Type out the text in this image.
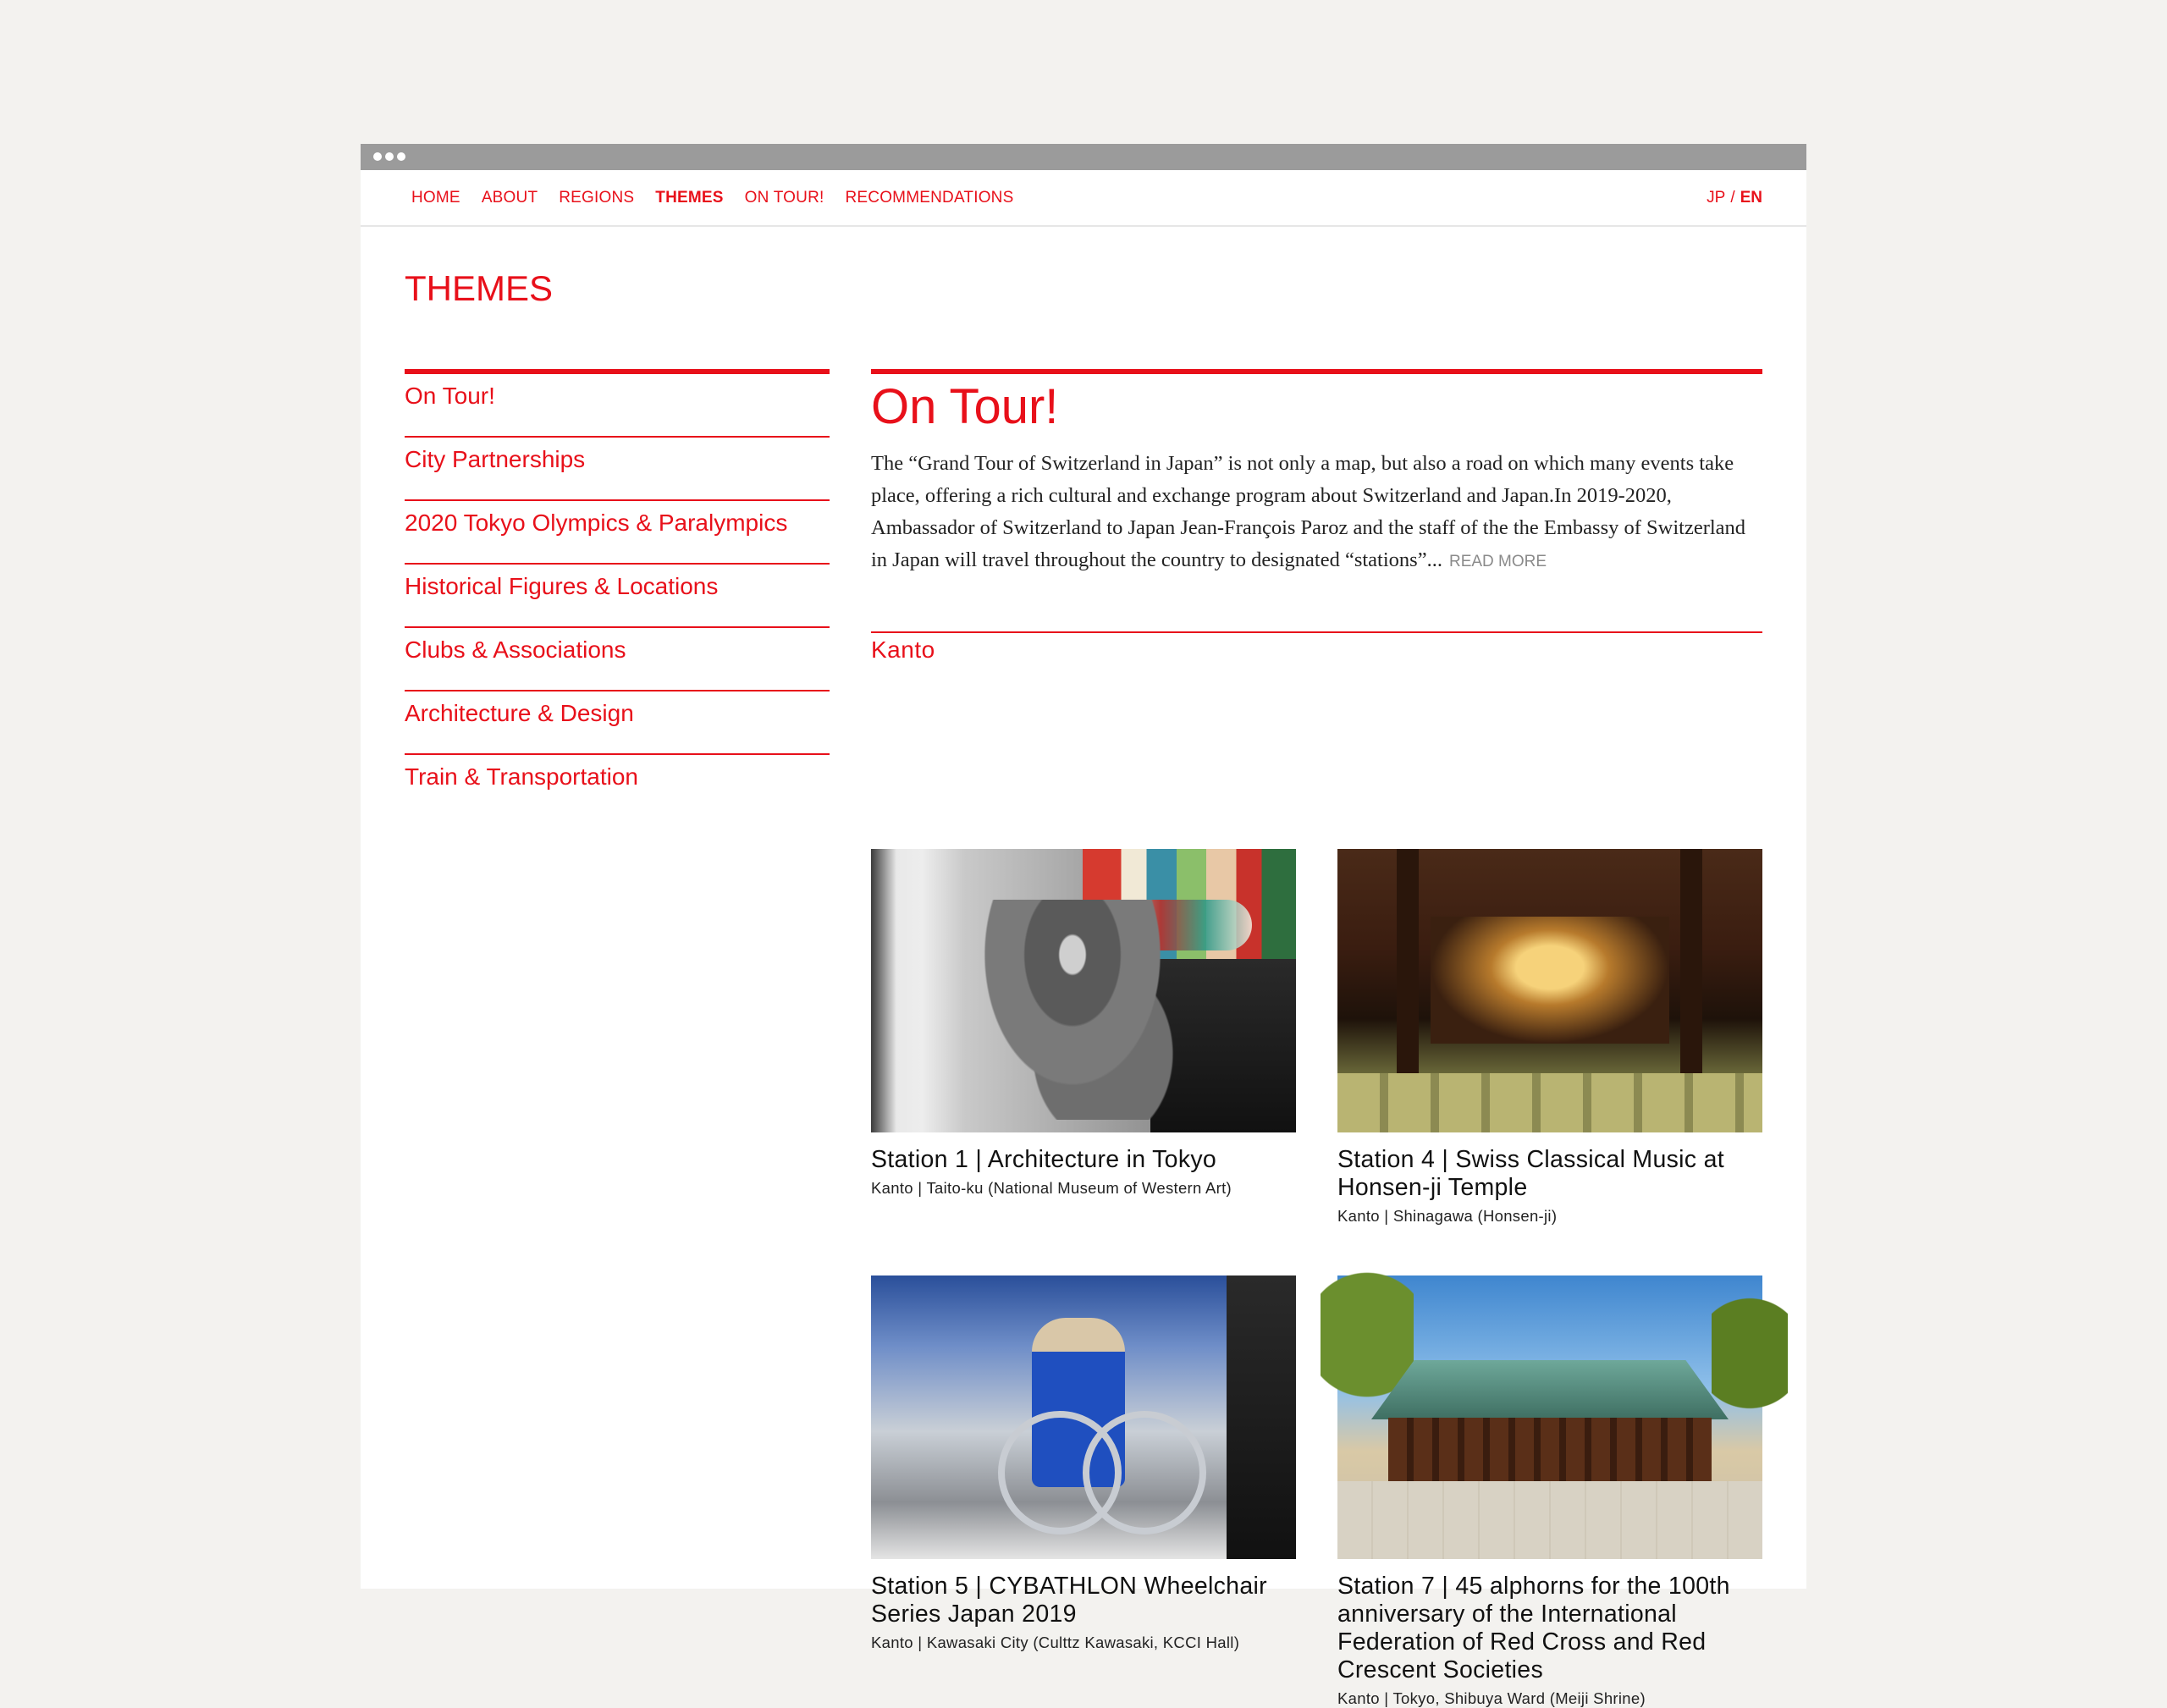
HOME ABOUT REGIONS THEMES ON TOUR! RECOMMENDATIONS	JP / EN
THEMES
On Tour!
City Partnerships
2020 Tokyo Olympics & Paralympics
Historical Figures & Locations
Clubs & Associations
Architecture & Design
Train & Transportation
On Tour!

The “Grand Tour of Switzerland in Japan” is not only a map, but also a road on which many events take place, offering a rich cultural and exchange program about Switzerland and Japan.In 2019-2020, Ambassador of Switzerland to Japan Jean-François Paroz and the staff of the the Embassy of Switzerland in Japan will travel throughout the country to designated “stations”... READ MORE

Kanto
Station 1 | Architecture in Tokyo
Kanto | Taito-ku (National Museum of Western Art)
Station 4 | Swiss Classical Music at Honsen-ji Temple
Kanto | Shinagawa (Honsen-ji)
Station 5 | CYBATHLON Wheelchair Series Japan 2019
Kanto | Kawasaki City (Culttz Kawasaki, KCCI Hall)
Station 7 | 45 alphorns for the 100th anniversary of the International Federation of Red Cross and Red Crescent Societies
Kanto | Tokyo, Shibuya Ward (Meiji Shrine)
